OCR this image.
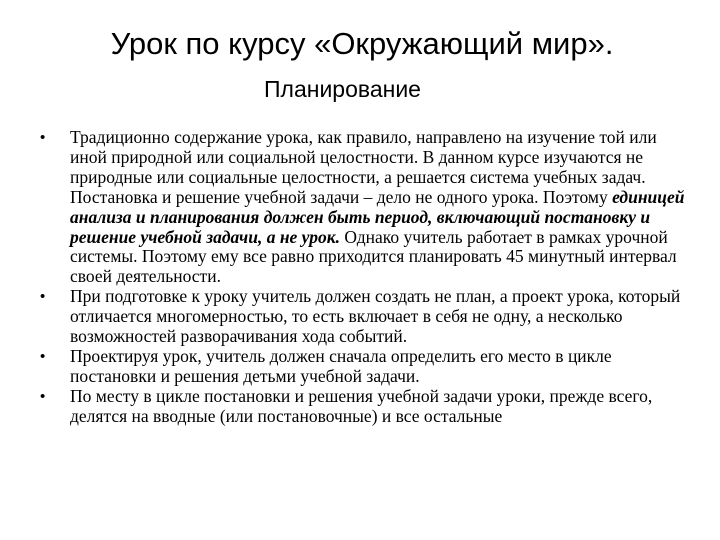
Урок по курсу «Окружающий мир».
Планирование
•	Традиционно содержание урока, как правило, направлено на изучение той или иной природной или социальной целостности. В данном курсе изучаются не природные или социальные целостности, а решается система учебных задач. Постановка и решение учебной задачи – дело не одного урока. Поэтому единицей анализа и планирования должен быть период, включающий постановку и решение учебной задачи, а не урок. Однако учитель работает в рамках урочной системы. Поэтому ему все равно приходится планировать 45 минутный интервал своей деятельности.
•	При подготовке к уроку учитель должен создать не план, а проект урока, который отличается многомерностью, то есть включает в себя не одну, а несколько возможностей разворачивания хода событий.
•	Проектируя урок, учитель должен сначала определить его место в цикле постановки и решения детьми учебной задачи.
•	По месту в цикле постановки и решения учебной задачи уроки, прежде всего, делятся на вводные (или постановочные) и все остальные
